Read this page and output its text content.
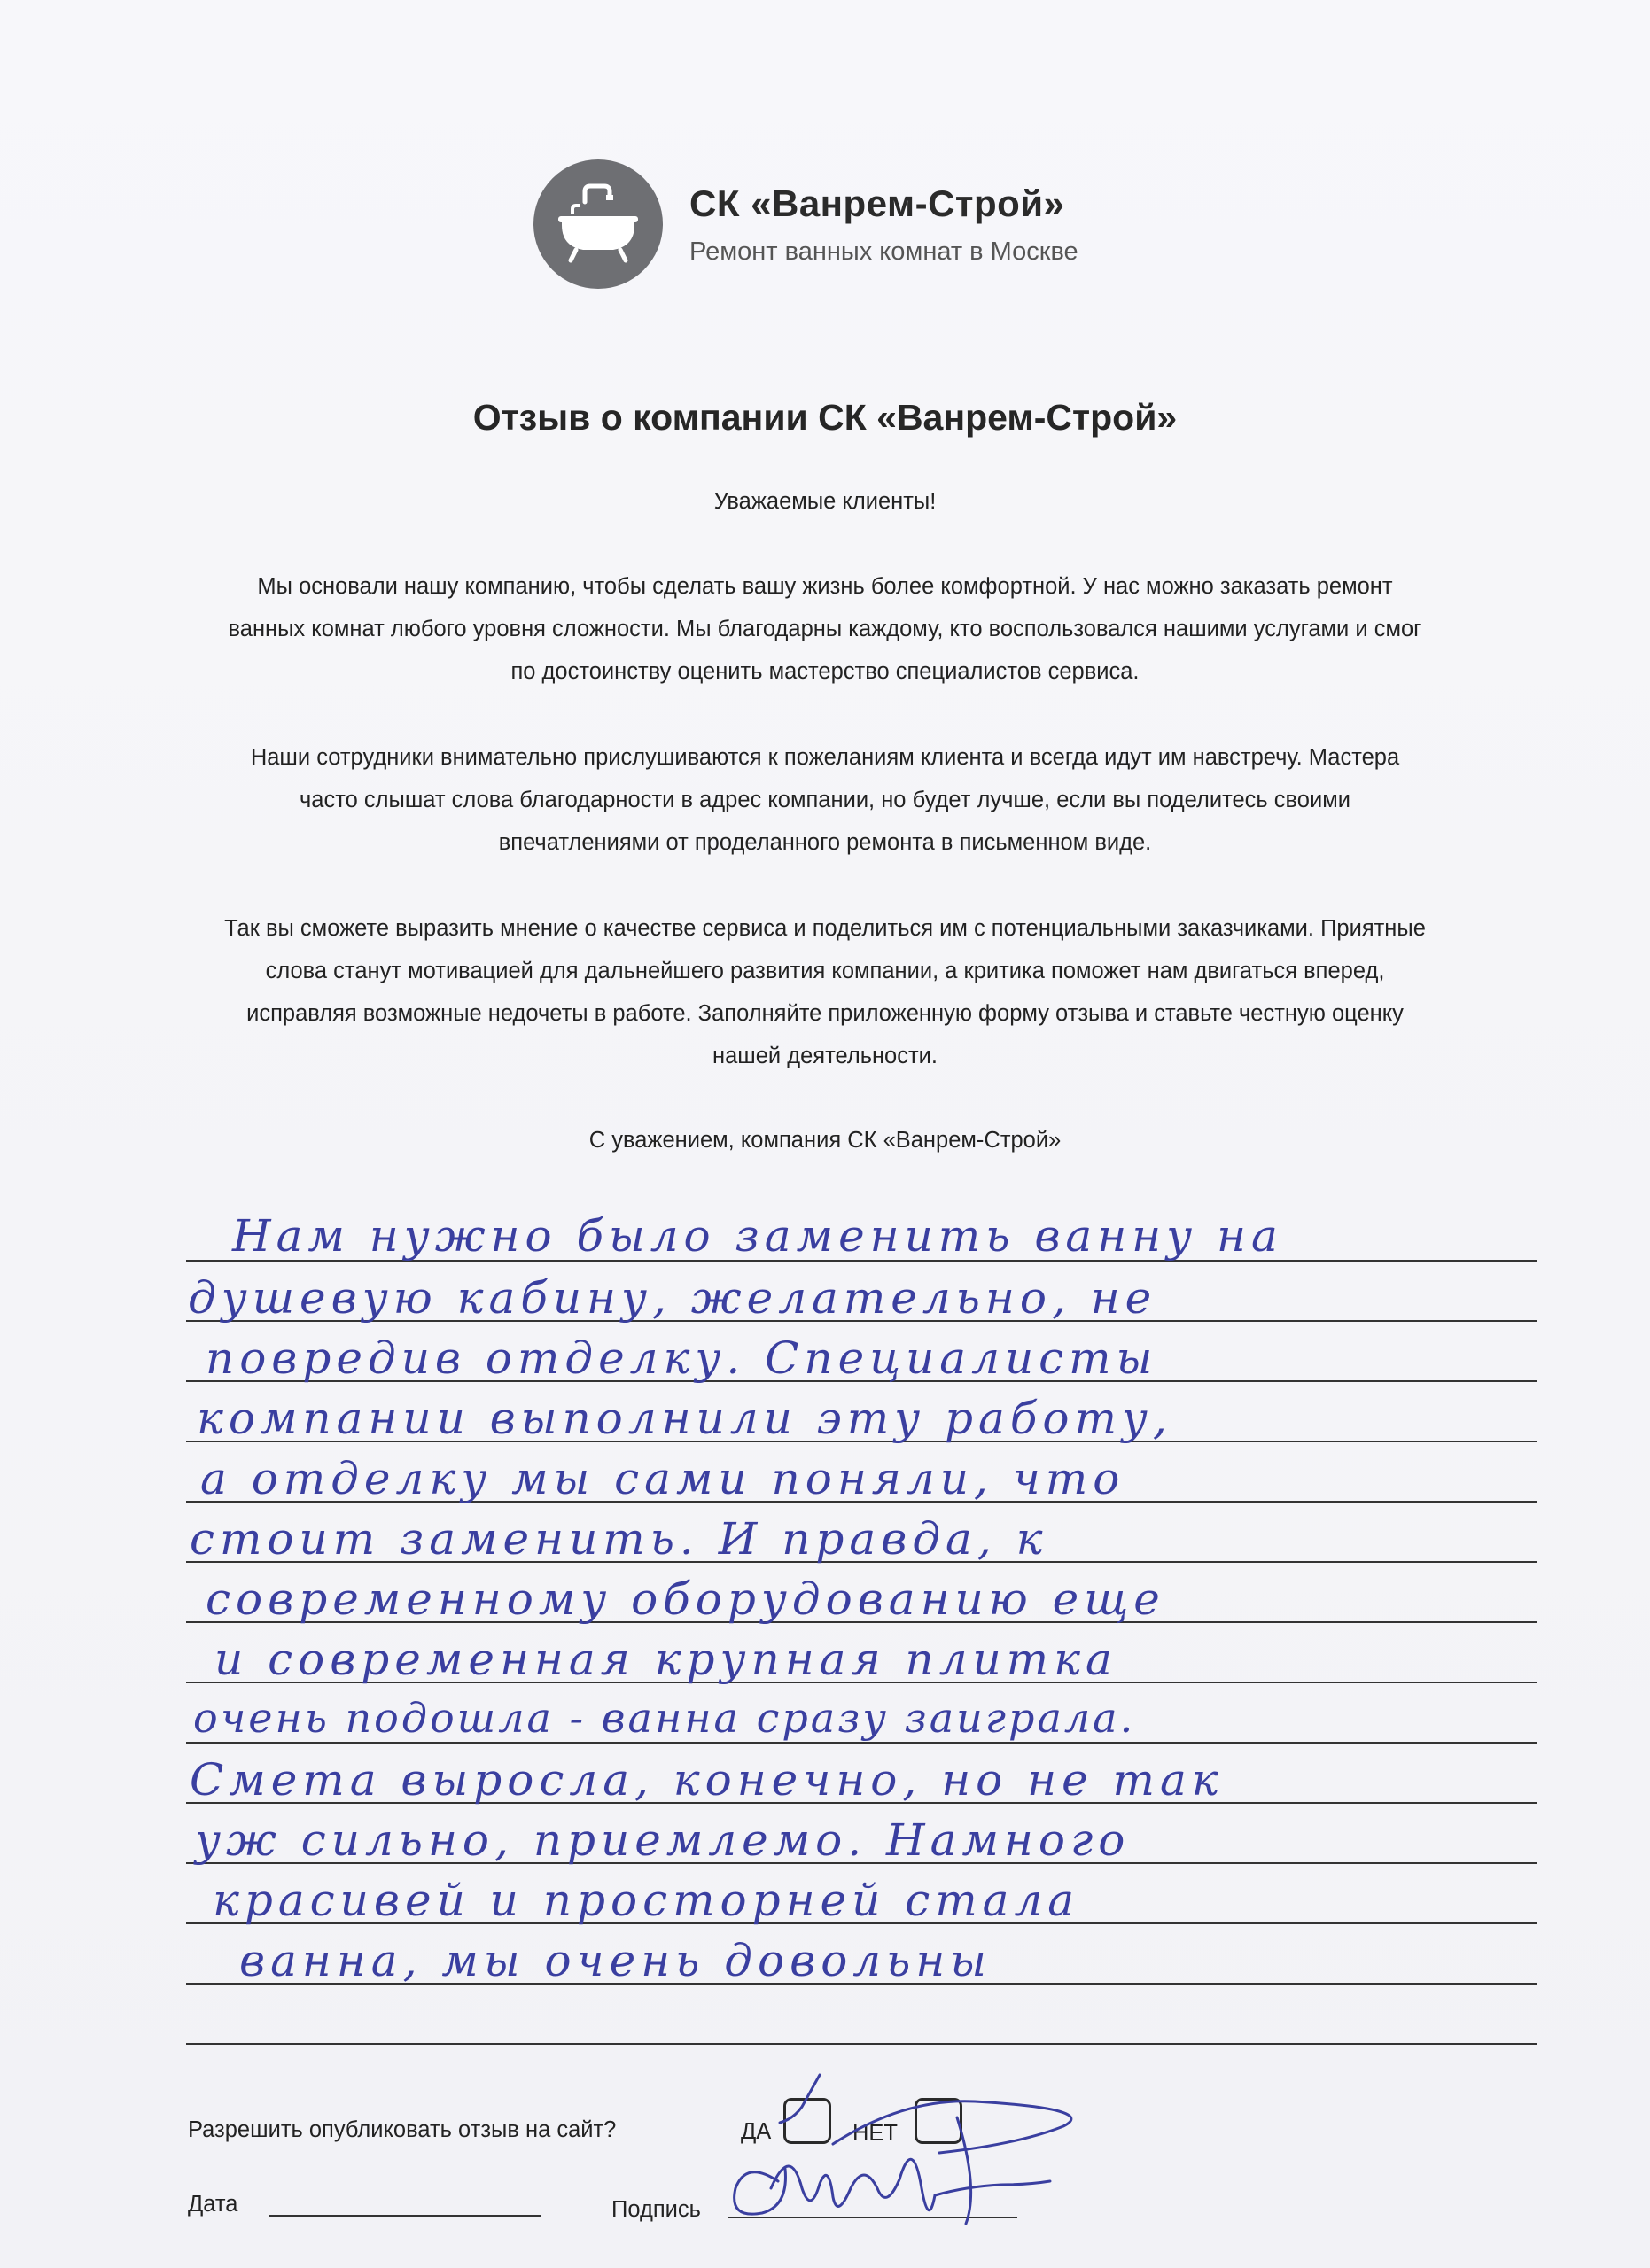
СК «Ванрем-Строй»
Ремонт ванных комнат в Москве
Отзыв о компании СК «Ванрем-Строй»
Уважаемые клиенты!
Мы основали нашу компанию, чтобы сделать вашу жизнь более комфортной. У нас можно заказать ремонт
ванных комнат любого уровня сложности. Мы благодарны каждому, кто воспользовался нашими услугами и смог
по достоинству оценить мастерство специалистов сервиса.
Наши сотрудники внимательно прислушиваются к пожеланиям клиента и всегда идут им навстречу. Мастера
часто слышат слова благодарности в адрес компании, но будет лучше, если вы поделитесь своими
впечатлениями от проделанного ремонта в письменном виде.
Так вы сможете выразить мнение о качестве сервиса и поделиться им с потенциальными заказчиками. Приятные
слова станут мотивацией для дальнейшего развития компании, а критика поможет нам двигаться вперед,
исправляя возможные недочеты в работе. Заполняйте приложенную форму отзыва и ставьте честную оценку
нашей деятельности.
С уважением, компания СК «Ванрем-Строй»
Нам нужно было заменить ванну на
душевую кабину, желательно, не
повредив отделку. Специалисты
компании выполнили эту работу,
а отделку мы сами поняли, что
стоит заменить. И правда, к
современному оборудованию еще
и современная крупная плитка
очень подошла - ванна сразу заиграла.
Смета выросла, конечно, но не так
уж сильно, приемлемо. Намного
красивей и просторней стала
ванна, мы очень довольны
Разрешить опубликовать отзыв на сайт?	ДА	НЕТ
Дата	Подпись
